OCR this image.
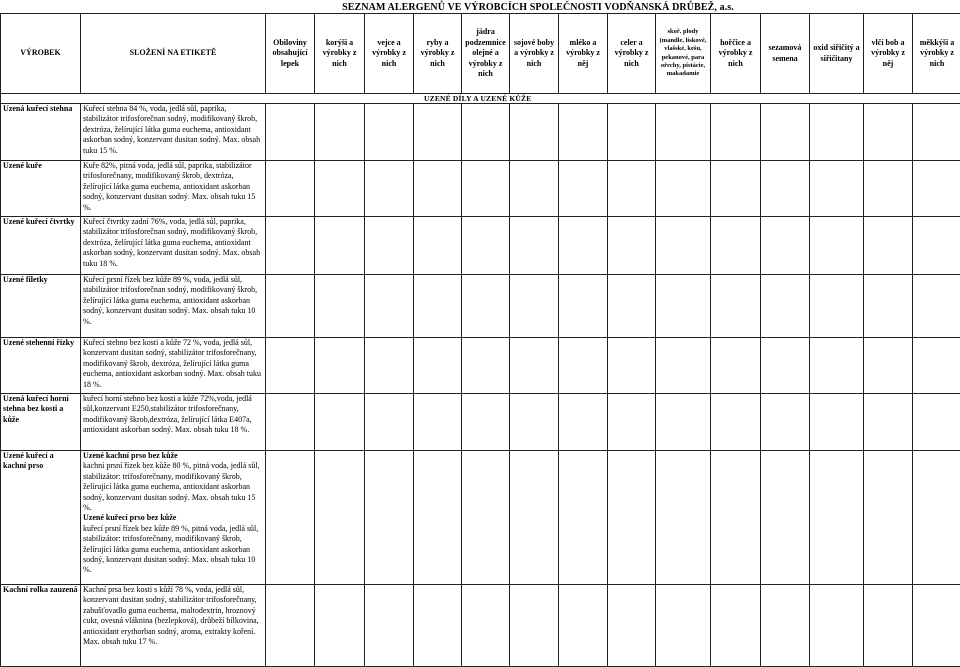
SEZNAM ALERGENŮ VE VÝROBCÍCH SPOLEČNOSTI VODŇANSKÁ DRŮBEŽ, a.s.
VÝROBEK	SLOŽENÍ NA ETIKETĚ	Obiloviny obsahující lepek	korýši a výrobky z nich	vejce a výrobky z nich	ryby a výrobky z nich	jádra podzemnice olejné a výrobky z nich	sojové boby a výrobky z nich	mléko a výrobky z něj	celer a výrobky z nich	skoř. plody (mandle, lískové, vlašské, kešu, pekanové, para ořechy, pistácie, makadamie	hořčice a výrobky z nich	sezamová semena	oxid siřičitý a siřičitany	vlčí bob a výrobky z něj	měkkýši a výrobky z nich

Uzená kuřecí stehna	Kuřecí stehna 84 %, voda, jedlá sůl, paprika, stabilizátor trifosforečnan sodný, modifikovaný škrob, dextróza, želírující látka guma euchema, antioxidant askorban sodný, konzervant dusitan sodný. Max. obsah tuku 15 %.														
Uzené kuře	Kuře 82%, pitná voda, jedlá sůl, paprika, stabilizátor trifosforečnany, modifikovaný škrob, dextróza, želírující látka guma euchema, antioxidant askorban sodný, konzervant dusitan sodný. Max. obsah tuku 15 %.														
Uzené kuřecí čtvrtky	Kuřecí čtvrtky zadní 76%, voda, jedlá sůl, paprika, stabilizátor trifosforečnan sodný, modifikovaný škrob, dextróza, želírující látka guma euchema, antioxidant askorban sodný, konzervant dusitan sodný. Max. obsah tuku 18 %.														
Uzené filetky	Kuřecí prsní řízek bez kůže 89 %, voda, jedlá sůl, stabilizátor trifosforečnan sodný, modifikovaný škrob, želírující látka guma euchema, antioxidant askorban sodný, konzervant dusitan sodný. Max. obsah tuku 10 %.														
Uzené stehenní řízky	Kuřecí stehno bez kosti a kůže 72 %, voda, jedlá sůl, konzervant dusitan sodný, stabilizátor trifosforečnany, modifikovaný škrob, dextróza, želírující látka guma euchema, antioxidant askorban sodný. Max. obsah tuku 18 %.														
Uzená kuřecí horní stehna bez kosti a kůže	kuřecí horní stehno bez kosti a kůže 72%,voda, jedlá sůl,konzervant E250,stabilizátor trifosforečnany, modifikovaný škrob,dextróza, želírující látka E407a, antioxidant askorban sodný. Max. obsah tuku 18 %.														
Uzené kuřecí a kachní prso	Uzené kachní prso bez kůže
kachní prsní řízek bez kůže 80 %, pitná voda, jedlá sůl, stabilizátor: trifosforečnany, modifikovaný škrob, želírující látka guma euchema, antioxidant askorban sodný, konzervant dusitan sodný. Max. obsah tuku 15 %.
Uzené kuřecí prso bez kůže
kuřecí prsní řízek bez kůže 89 %, pitná voda, jedlá sůl, stabilizátor: trifosforečnany, modifikovaný škrob, želírující látka guma euchema, antioxidant askorban sodný, konzervant dusitan sodný. Max. obsah tuku 10 %.														

Kachní rolka zauzená	Kachní prsa bez kosti s kůží 78 %, voda, jedlá sůl, konzervant dusitan sodný, stabilizátor trifosforečnany, zahušťovadlo guma euchema, maltodextrin, hroznový cukr, ovesná vláknina (bezlepková), drůbeží bílkovina, antioxidant erythorban sodný, aroma, extrakty koření. Max. obsah tuku 17 %.														
UZENÉ DÍLY A UZENÉ KŮŽE
